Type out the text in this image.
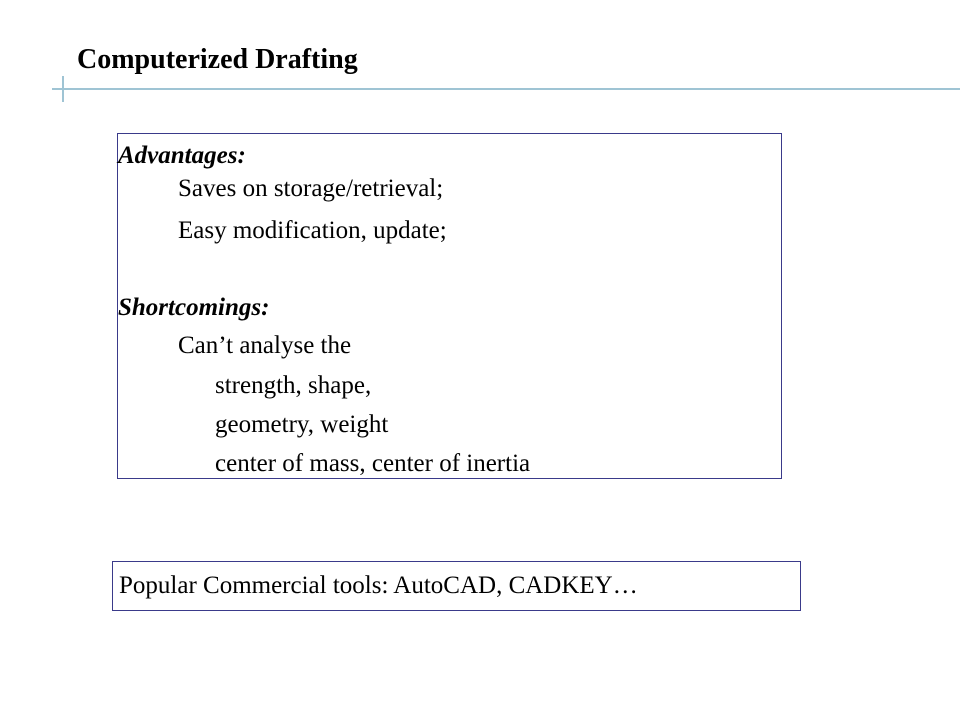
Computerized Drafting
Advantages:
Saves on storage/retrieval;
Easy modification, update;
Shortcomings:
Can’t analyse the
strength, shape,
geometry, weight
center of mass, center of inertia
Popular Commercial tools: AutoCAD, CADKEY…
